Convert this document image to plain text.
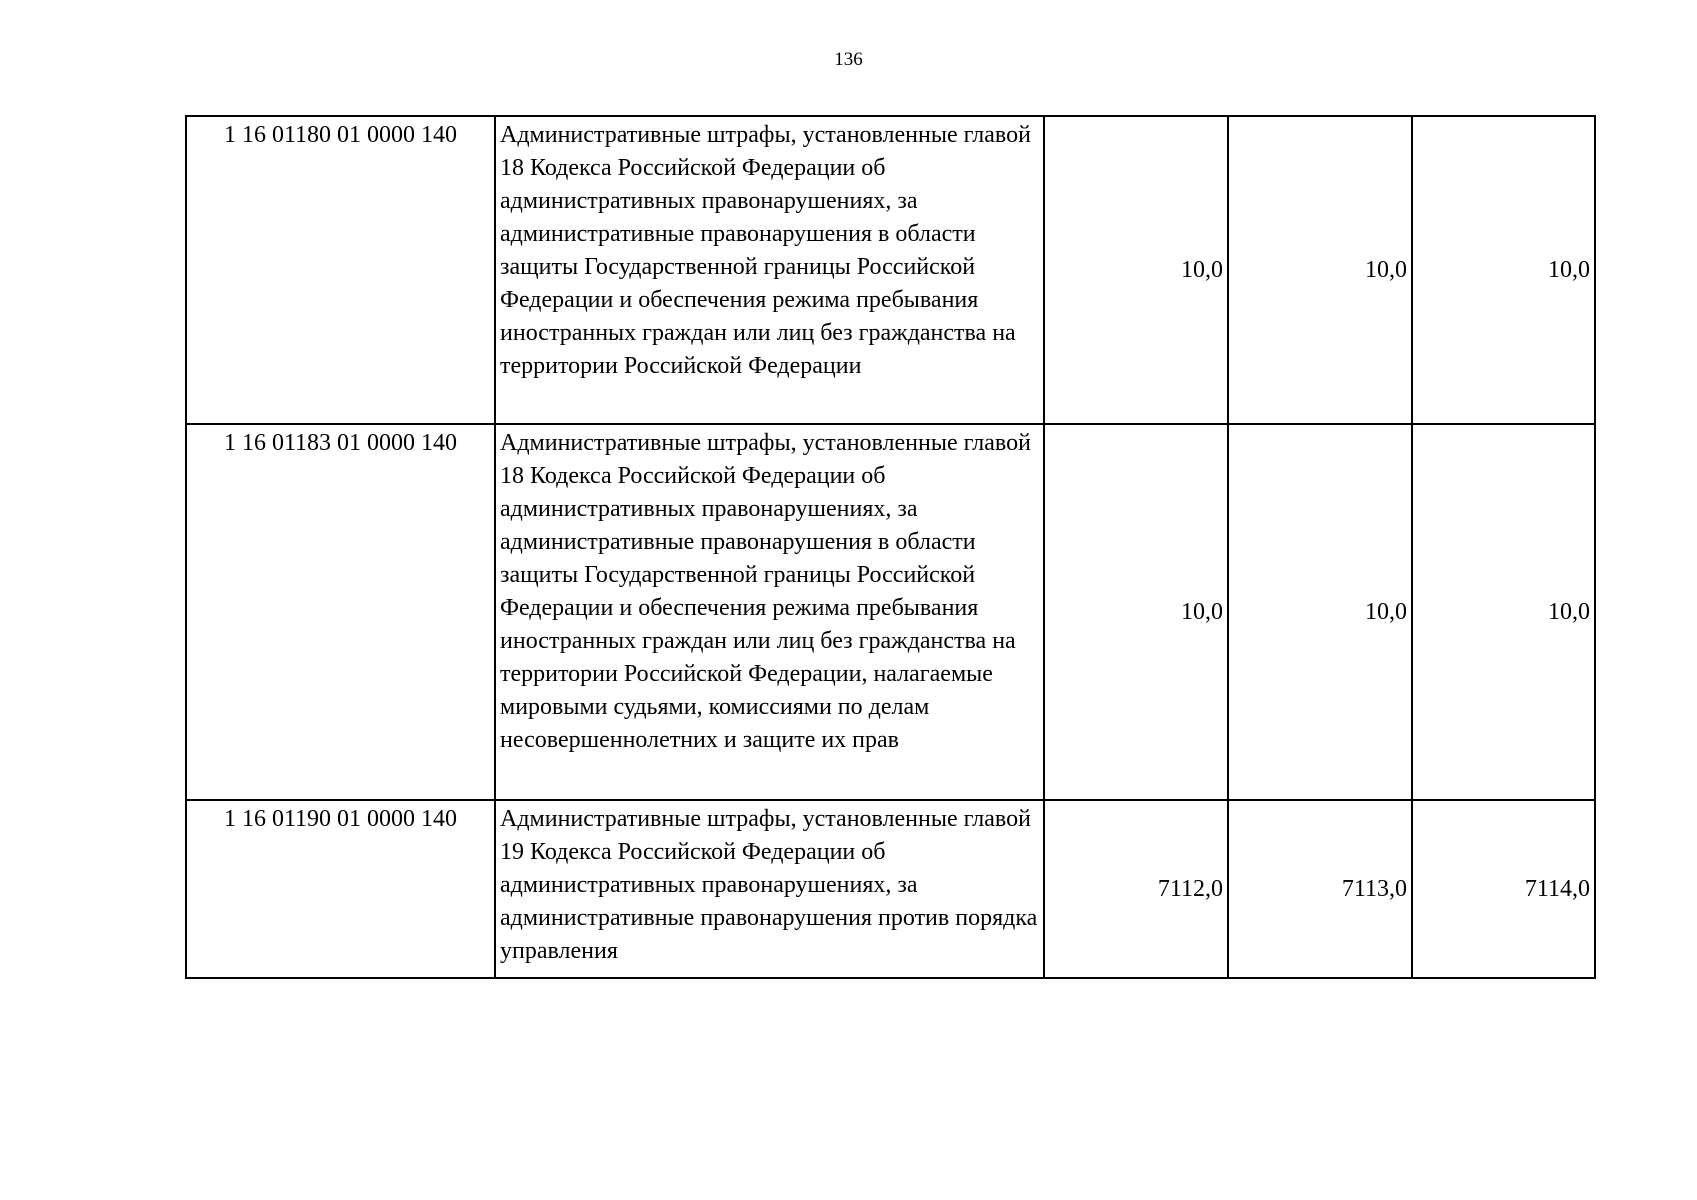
136
1 16 01180 01 0000 140	Административные штрафы, установленные главой 18 Кодекса Российской Федерации об административных правонарушениях, за административные правонарушения в области защиты Государственной границы Российской Федерации и обеспечения режима пребывания иностранных граждан или лиц без гражданства на территории Российской Федерации	10,0	10,0	10,0
1 16 01183 01 0000 140	Административные штрафы, установленные главой 18 Кодекса Российской Федерации об административных правонарушениях, за административные правонарушения в области защиты Государственной границы Российской Федерации и обеспечения режима пребывания иностранных граждан или лиц без гражданства на территории Российской Федерации, налагаемые мировыми судьями, комиссиями по делам несовершеннолетних и защите их прав	10,0	10,0	10,0
1 16 01190 01 0000 140	Административные штрафы, установленные главой 19 Кодекса Российской Федерации об административных правонарушениях, за административные правонарушения против порядка управления	7112,0	7113,0	7114,0
